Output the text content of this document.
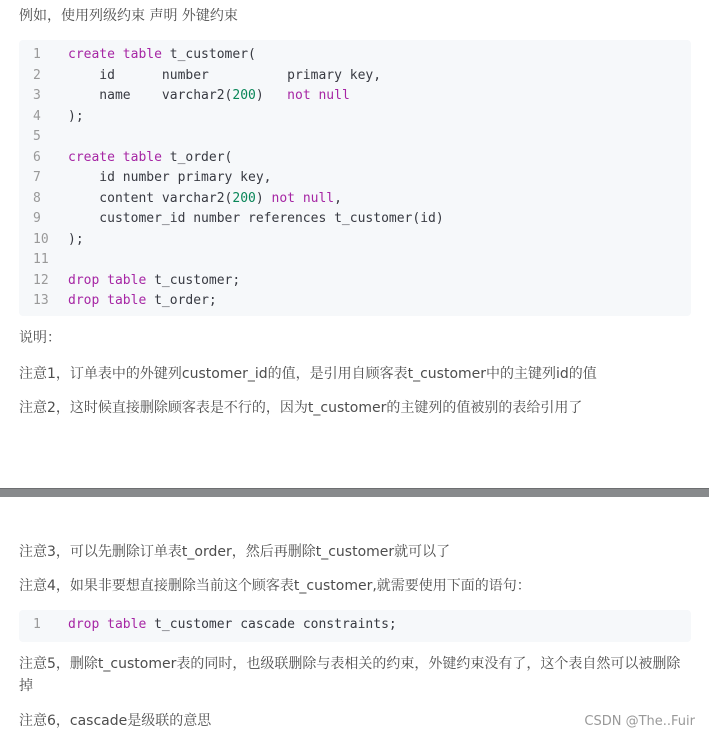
例如，使用列级约束 声明 外键约束
1	create table t_customer(
2	id      number          primary key,
3	name    varchar2(200)   not null
4	);
5
6	create table t_order(
7	id number primary key,
8	content varchar2(200) not null,
9	customer_id number references t_customer(id)
10	);
11
12	drop table t_customer;
13	drop table t_order;
说明：
注意1，订单表中的外键列customer_id的值，是引用自顾客表t_customer中的主键列id的值
注意2，这时候直接删除顾客表是不行的，因为t_customer的主键列的值被别的表给引用了
注意3，可以先删除订单表t_order，然后再删除t_customer就可以了
注意4，如果非要想直接删除当前这个顾客表t_customer,就需要使用下面的语句：
1	drop table t_customer cascade constraints;
注意5，删除t_customer表的同时，也级联删除与表相关的约束，外键约束没有了，这个表自然可以被删除掉
注意6，cascade是级联的意思	CSDN @The..Fuir
